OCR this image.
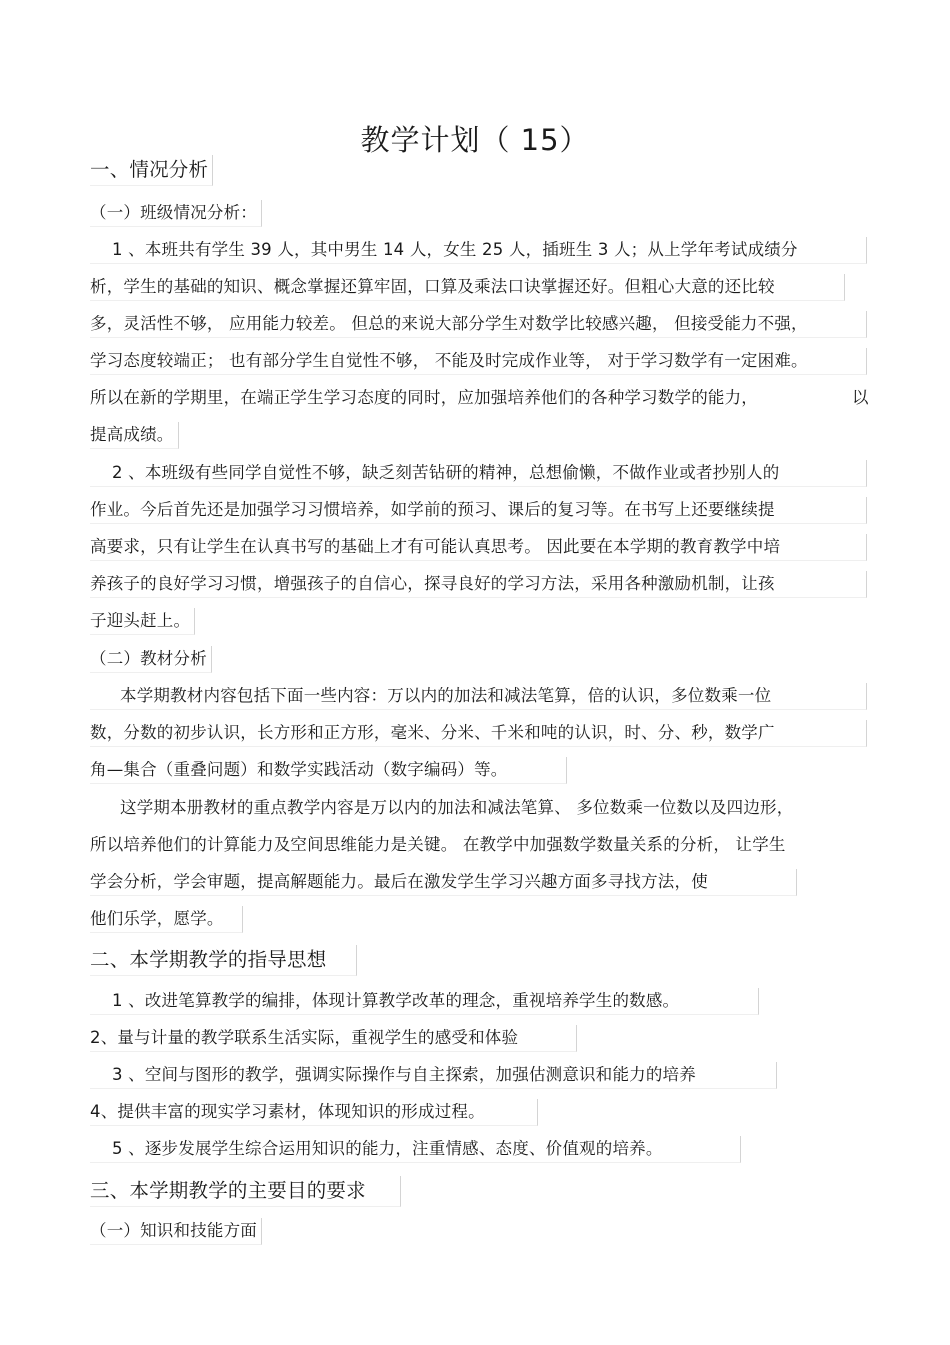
教学计划（ 15）
一、情况分析
（一）班级情况分析：
1 、本班共有学生 39 人，其中男生 14 人，女生 25 人，插班生 3 人；从上学年考试成绩分
析，学生的基础的知识、概念掌握还算牢固，口算及乘法口诀掌握还好。但粗心大意的还比较
多，灵活性不够， 应用能力较差。 但总的来说大部分学生对数学比较感兴趣， 但接受能力不强，
学习态度较端正； 也有部分学生自觉性不够， 不能及时完成作业等， 对于学习数学有一定困难。
所以在新的学期里，在端正学生学习态度的同时，应加强培养他们的各种学习数学的能力，	以
提高成绩。
2 、本班级有些同学自觉性不够，缺乏刻苦钻研的精神，总想偷懒，不做作业或者抄别人的
作业。今后首先还是加强学习习惯培养，如学前的预习、课后的复习等。在书写上还要继续提
高要求，只有让学生在认真书写的基础上才有可能认真思考。 因此要在本学期的教育教学中培
养孩子的良好学习习惯，增强孩子的自信心，探寻良好的学习方法，采用各种激励机制，让孩
子迎头赶上。
（二）教材分析
本学期教材内容包括下面一些内容：万以内的加法和减法笔算，倍的认识，多位数乘一位
数，分数的初步认识，长方形和正方形，毫米、分米、千米和吨的认识，时、分、秒，数学广
角—集合（重叠问题）和数学实践活动（数字编码）等。
这学期本册教材的重点教学内容是万以内的加法和减法笔算、 多位数乘一位数以及四边形，
所以培养他们的计算能力及空间思维能力是关键。 在教学中加强数学数量关系的分析， 让学生
学会分析，学会审题，提高解题能力。最后在激发学生学习兴趣方面多寻找方法，使
他们乐学，愿学。
二、本学期教学的指导思想
1 、改进笔算教学的编排，体现计算教学改革的理念，重视培养学生的数感。
2、量与计量的教学联系生活实际，重视学生的感受和体验
3 、空间与图形的教学，强调实际操作与自主探索，加强估测意识和能力的培养
4、提供丰富的现实学习素材，体现知识的形成过程。
5 、逐步发展学生综合运用知识的能力，注重情感、态度、价值观的培养。
三、本学期教学的主要目的要求
（一）知识和技能方面
